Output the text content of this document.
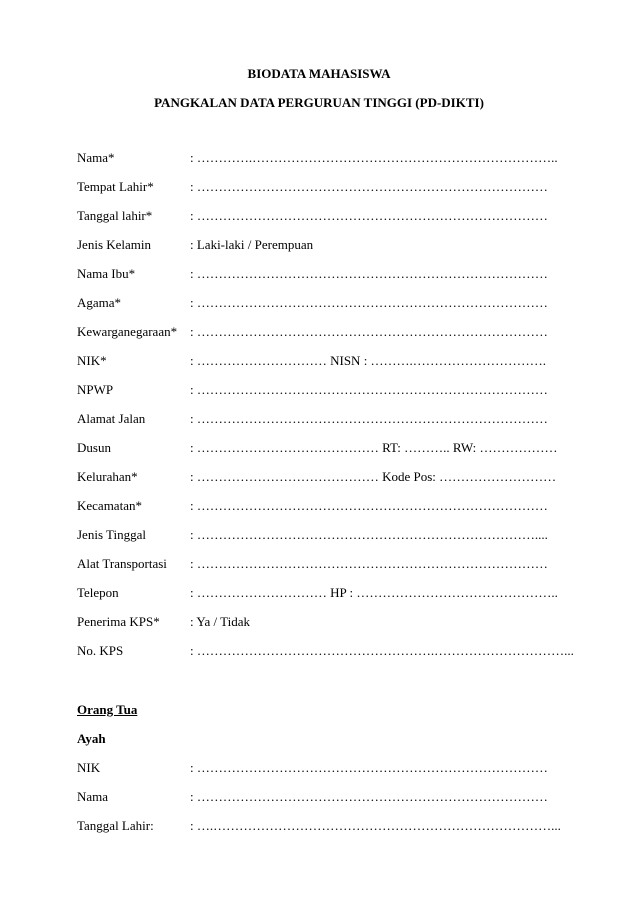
BIODATA MAHASISWA
PANGKALAN DATA PERGURUAN TINGGI (PD-DIKTI)
Nama*	: ………….……………………………………………………………..
Tempat Lahir*	: ………………………………………………………………………
Tanggal lahir*	: ………………………………………………………………………
Jenis Kelamin	: Laki-laki / Perempuan
Nama Ibu*	: ………………………………………………………………………
Agama*	: ………………………………………………………………………
Kewarganegaraan* : ………………………………………………………………………
NIK*	: ………………………… NISN : ……….………………………….
NPWP	: ………………………………………………………………………
Alamat Jalan	: ………………………………………………………………………
Dusun	: …………………………………… RT: ……….. RW: ………………
Kelurahan*	: …………………………………… Kode Pos: ………………………
Kecamatan*	: ………………………………………………………………………
Jenis Tinggal	: ……………………………………………………………………....
Alat Transportasi : ………………………………………………………………………
Telepon	: ………………………… HP : ………………………………………..
Penerima KPS* : Ya / Tidak
No. KPS	: ……………………………………………….…………………………...
Orang Tua
Ayah
NIK	: ………………………………………………………………………
Nama	: ………………………………………………………………………
Tanggal Lahir:	: ….……………………………………………………………………...
